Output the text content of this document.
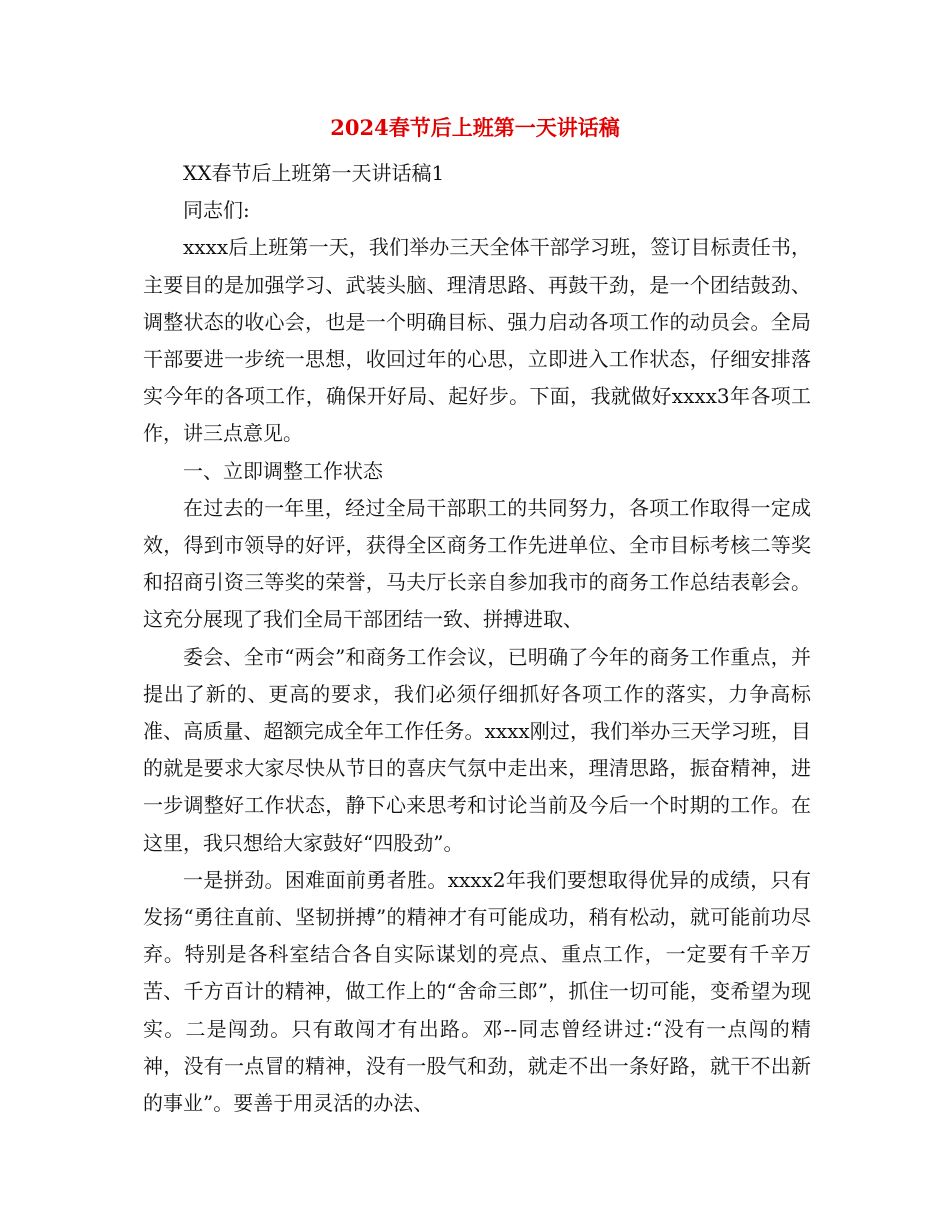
2024春节后上班第一天讲话稿

XX春节后上班第一天讲话稿1

同志们:

xxxx后上班第一天，我们举办三天全体干部学习班，签订目标责任书，主要目的是加强学习、武装头脑、理清思路、再鼓干劲，是一个团结鼓劲、调整状态的收心会，也是一个明确目标、强力启动各项工作的动员会。全局干部要进一步统一思想，收回过年的心思，立即进入工作状态，仔细安排落实今年的各项工作，确保开好局、起好步。下面，我就做好xxxx3年各项工作，讲三点意见。

一、立即调整工作状态

在过去的一年里，经过全局干部职工的共同努力，各项工作取得一定成效，得到市领导的好评，获得全区商务工作先进单位、全市目标考核二等奖和招商引资三等奖的荣誉，马夫厅长亲自参加我市的商务工作总结表彰会。这充分展现了我们全局干部团结一致、拼搏进取、

委会、全市“两会”和商务工作会议，已明确了今年的商务工作重点，并提出了新的、更高的要求，我们必须仔细抓好各项工作的落实，力争高标准、高质量、超额完成全年工作任务。xxxx刚过，我们举办三天学习班，目的就是要求大家尽快从节日的喜庆气氛中走出来，理清思路，振奋精神，进一步调整好工作状态，静下心来思考和讨论当前及今后一个时期的工作。在这里，我只想给大家鼓好“四股劲”。

一是拼劲。困难面前勇者胜。xxxx2年我们要想取得优异的成绩，只有发扬“勇往直前、坚韧拼搏”的精神才有可能成功，稍有松动，就可能前功尽弃。特别是各科室结合各自实际谋划的亮点、重点工作，一定要有千辛万苦、千方百计的精神，做工作上的“舍命三郎”，抓住一切可能，变希望为现实。二是闯劲。只有敢闯才有出路。邓--同志曾经讲过:“没有一点闯的精神，没有一点冒的精神，没有一股气和劲，就走不出一条好路，就干不出新的事业”。要善于用灵活的办法、
